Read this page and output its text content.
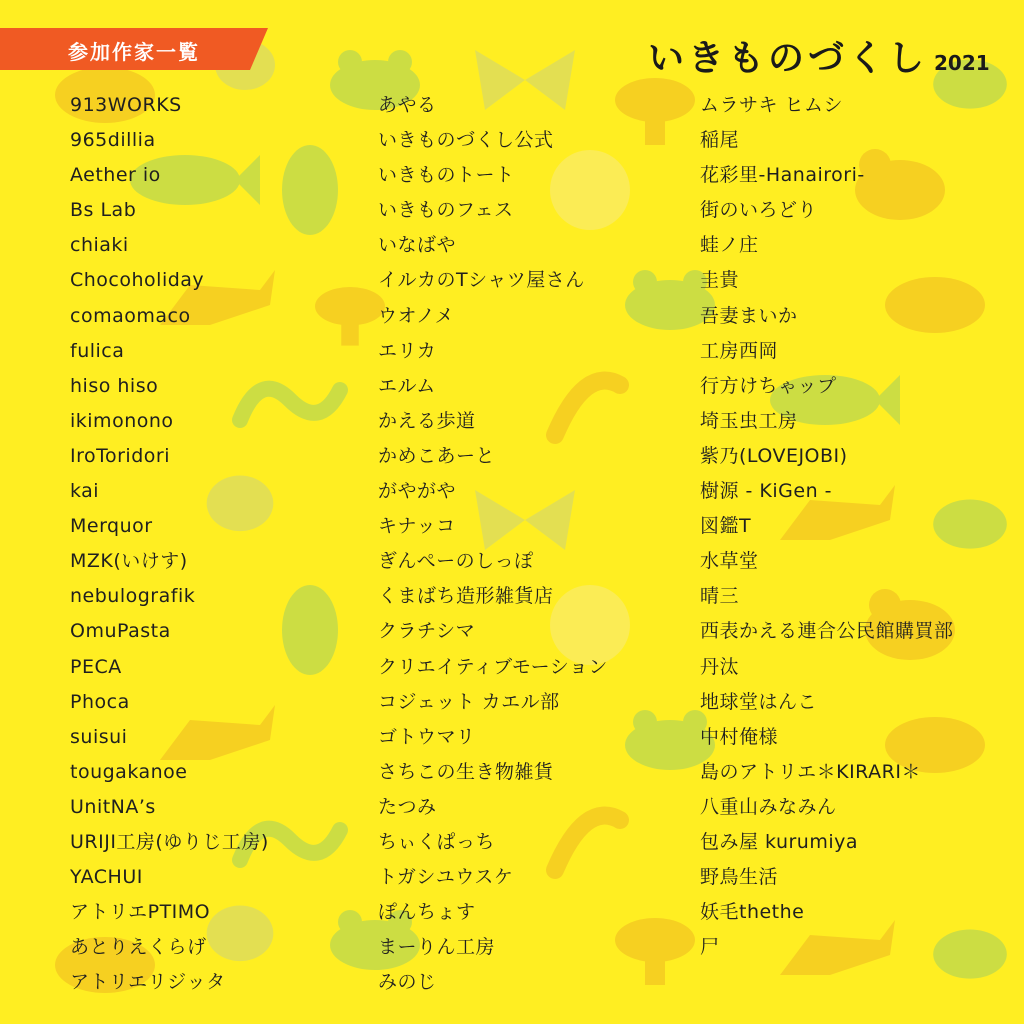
参加作家一覧	いきものづくし 2021
913WORKS
965dillia
Aether io
Bs Lab
chiaki
Chocoholiday
comaomaco
fulica
hiso hiso
ikimonono
IroToridori
kai
Merquor
MZK(いけす)
nebulografik
OmuPasta
PECA
Phoca
suisui
tougakanoe
UnitNA’s
URIJI工房(ゆりじ工房)
YACHUI
アトリエPTIMO
あとりえくらげ
アトリエリジッタ
あやる
いきものづくし公式
いきものトート
いきものフェス
いなばや
イルカのTシャツ屋さん
ウオノメ
エリカ
エルム
かえる歩道
かめこあーと
がやがや
キナッコ
ぎんぺーのしっぽ
くまばち造形雑貨店
クラチシマ
クリエイティブモーション
コジェット カエル部
ゴトウマリ
さちこの生き物雑貨
たつみ
ちぃくぱっち
トガシユウスケ
ぽんちょす
まーりん工房
みのじ
ムラサキ ヒムシ
稲尾
花彩里-Hanairori-
街のいろどり
蛙ノ庄
圭貴
吾妻まいか
工房西岡
行方けちゃップ
埼玉虫工房
紫乃(LOVEJOBI)
樹源 - KiGen -
図鑑T
水草堂
晴三
西表かえる連合公民館購買部
丹汰
地球堂はんこ
中村俺様
島のアトリエ＊KIRARI＊
八重山みなみん
包み屋 kurumiya
野鳥生活
妖毛thethe
尸
